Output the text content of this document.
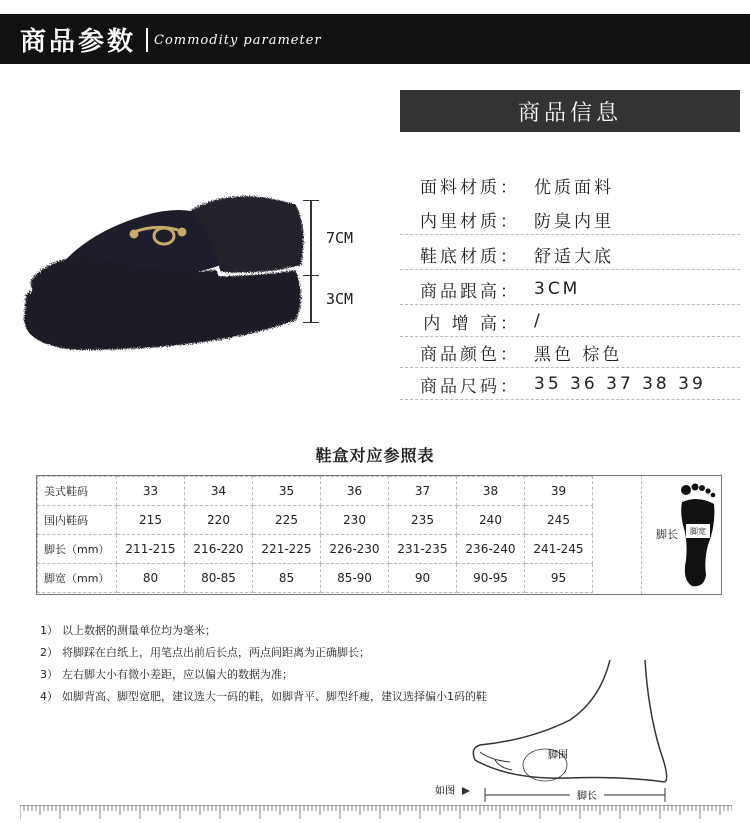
商品参数 Commodity parameter
7CM
3CM
商品信息
面料材质： 优质面料
内里材质： 防臭内里
鞋底材质： 舒适大底
商品跟高： 3CM
内 增 高： /
商品颜色： 黑色 棕色
商品尺码： 35 36 37 38 39
鞋盒对应参照表
美式鞋码	33	34	35	36	37	38	39
国内鞋码	215	220	225	230	235	240	245
脚长（mm）	211-215	216-220	221-225	226-230	231-235	236-240	241-245
脚宽（mm）	80	80-85	85	85-90	90	90-95	95
脚长 脚宽
1） 以上数据的测量单位均为毫米；
2） 将脚踩在白纸上，用笔点出前后长点，两点间距离为正确脚长；
3） 左右脚大小有微小差距，应以偏大的数据为准；
4） 如脚背高、脚型宽肥，建议选大一码的鞋，如脚背平、脚型纤瘦，建议选择偏小1码的鞋
脚围
脚长
如图
